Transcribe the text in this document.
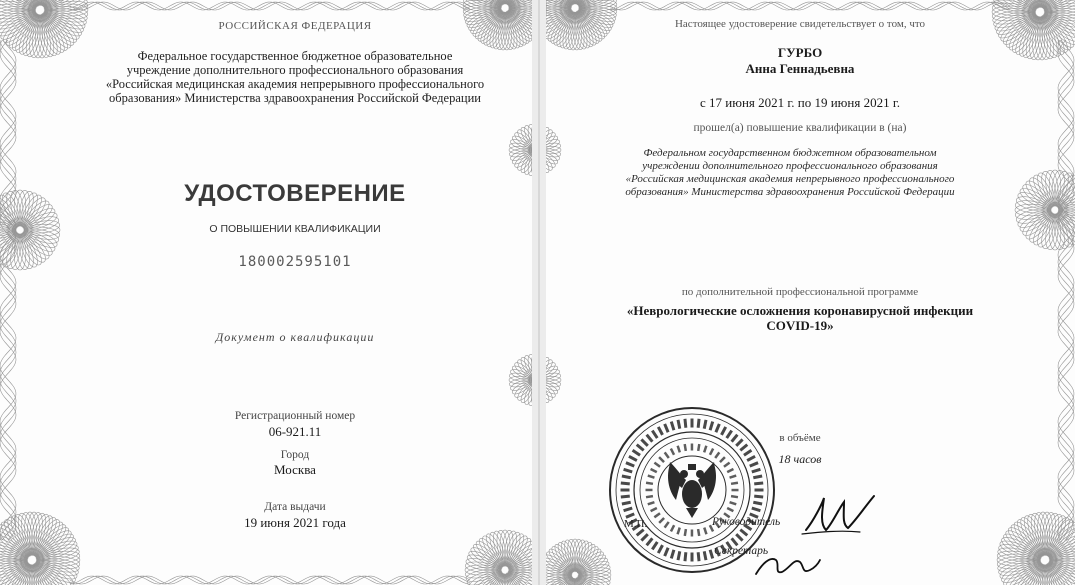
РОССИЙСКАЯ ФЕДЕРАЦИЯ
Федеральное государственное бюджетное образовательное
учреждение дополнительного профессионального образования
«Российская медицинская академия непрерывного профессионального
образования» Министерства здравоохранения Российской Федерации
УДОСТОВЕРЕНИЕ
О ПОВЫШЕНИИ КВАЛИФИКАЦИИ
180002595101
Документ о квалификации
Регистрационный номер
06-921.11
Город
Москва
Дата выдачи
19 июня 2021 года
Настоящее удостоверение свидетельствует о том, что
ГУРБО
Анна Геннадьевна
с 17 июня 2021 г. по 19 июня 2021 г.
прошел(а) повышение квалификации в (на)
Федеральном государственном бюджетном образовательном
учреждении дополнительного профессионального образования
«Российская медицинская академия непрерывного профессионального
образования» Министерства здравоохранения Российской Федерации
по дополнительной профессиональной программе
«Неврологические осложнения коронавирусной инфекции
COVID-19»
в объёме
18 часов
М.П.	Руководитель
Секретарь
